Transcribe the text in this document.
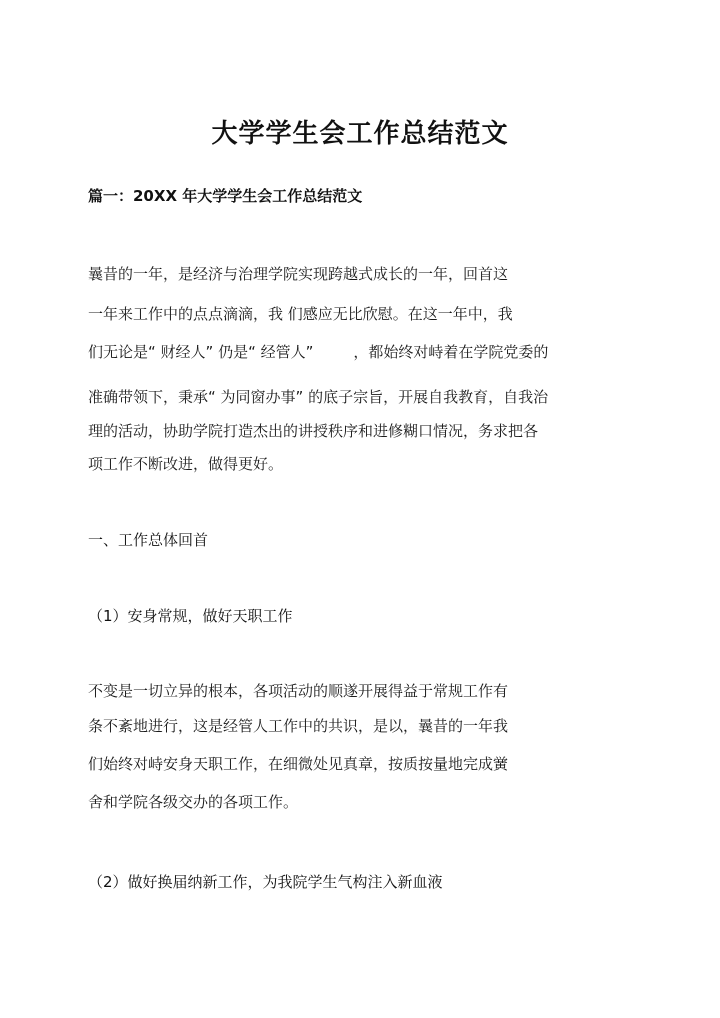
大学学生会工作总结范文
篇一：20XX 年大学学生会工作总结范文
曩昔的一年，是经济与治理学院实现跨越式成长的一年，回首这
一年来工作中的点点滴滴，我 们感应无比欣慰。在这一年中，我
们无论是“ 财经人” 仍是“ 经管人”	，都始终对峙着在学院党委的
准确带领下，秉承“ 为同窗办事” 的底子宗旨，开展自我教育，自我治
理的活动，协助学院打造杰出的讲授秩序和进修糊口情况，务求把各
项工作不断改进，做得更好。
一、工作总体回首
（1）安身常规，做好天职工作
不变是一切立异的根本，各项活动的顺遂开展得益于常规工作有
条不紊地进行，这是经管人工作中的共识，是以，曩昔的一年我
们始终对峙安身天职工作，在细微处见真章，按质按量地完成黉
舍和学院各级交办的各项工作。
（2）做好换届纳新工作，为我院学生气构注入新血液
